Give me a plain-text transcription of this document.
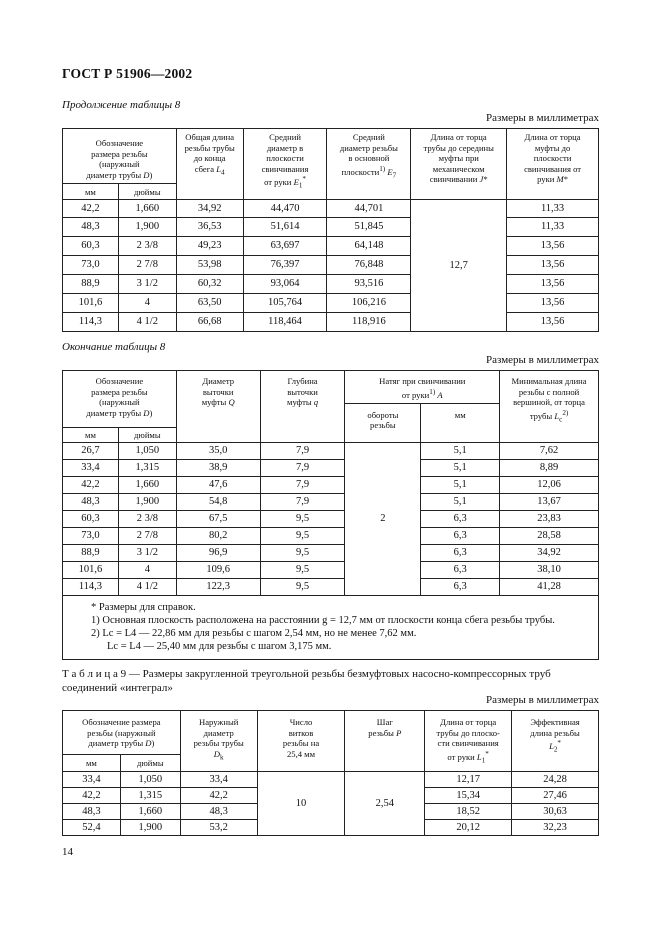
ГОСТ Р 51906—2002
Продолжение таблицы 8
Размеры в миллиметрах
Обозначение
размера резьбы
(наружный
диаметр трубы D)		Общая длина
резьбы трубы
до конца
сбега $L_4$	Средний
диаметр в
плоскости
свинчивания
от руки $E_1^*$	Средний
диаметр резьбы
в основной
плоскости$^{1)}$ $E_7$	Длина от торца
трубы до середины
муфты при
механическом
свинчивании J*	Длина от торца
муфты до
плоскости
свинчивания от
руки M*
мм	дюймы					
42,2	1,660	34,92	44,470	44,701	12,7	11,33
48,3	1,900	36,53	51,614	51,845		11,33
60,3	2 3/8	49,23	63,697	64,148		13,56
73,0	2 7/8	53,98	76,397	76,848		13,56
88,9	3 1/2	60,32	93,064	93,516		13,56
101,6	4	63,50	105,764	106,216		13,56
114,3	4 1/2	66,68	118,464	118,916		13,56
Окончание таблицы 8
Размеры в миллиметрах
Обозначение
размера резьбы
(наружный
диаметр трубы D)		Диаметр
выточки
муфты Q	Глубина
выточки
муфты q	Натяг при свинчивании
от руки$^{1)}$ A		Минимальная длина
резьбы с полной
вершиной, от торца
трубы $L_c^{2)}$
				обороты
резьбы	мм	
мм	дюймы					
26,7	1,050	35,0	7,9	2	5,1	7,62
33,4	1,315	38,9	7,9		5,1	8,89
42,2	1,660	47,6	7,9		5,1	12,06
48,3	1,900	54,8	7,9		5,1	13,67
60,3	2 3/8	67,5	9,5		6,3	23,83
73,0	2 7/8	80,2	9,5		6,3	28,58
88,9	3 1/2	96,9	9,5		6,3	34,92
101,6	4	109,6	9,5		6,3	38,10
114,3	4 1/2	122,3	9,5		6,3	41,28

* Размеры для справок.
1) Основная плоскость расположена на расстоянии g = 12,7 мм от плоскости конца сбега резьбы трубы.
2) Lc = L4 — 22,86 мм для резьбы с шагом 2,54 мм, но не менее 7,62 мм.
Lc = L4 — 25,40 мм для резьбы с шагом 3,175 мм.						
Т а б л и ц а 9 — Размеры закругленной треугольной резьбы безмуфтовых насосно-компрессорных труб соединений «интеграл»
Размеры в миллиметрах
Обозначение размера
резьбы (наружный
диаметр трубы D)		Наружный
диаметр
резьбы трубы
$D_k$	Число
витков
резьбы на
25,4 мм	Шаг
резьбы P	Длина от торца
трубы до плоско-
сти свинчивания
от руки $L_1^*$	Эффективная
длина резьбы
$L_2^*$
мм	дюймы					
33,4	1,050	33,4	10	2,54	12,17	24,28
42,2	1,315	42,2			15,34	27,46
48,3	1,660	48,3			18,52	30,63
52,4	1,900	53,2			20,12	32,23
14
